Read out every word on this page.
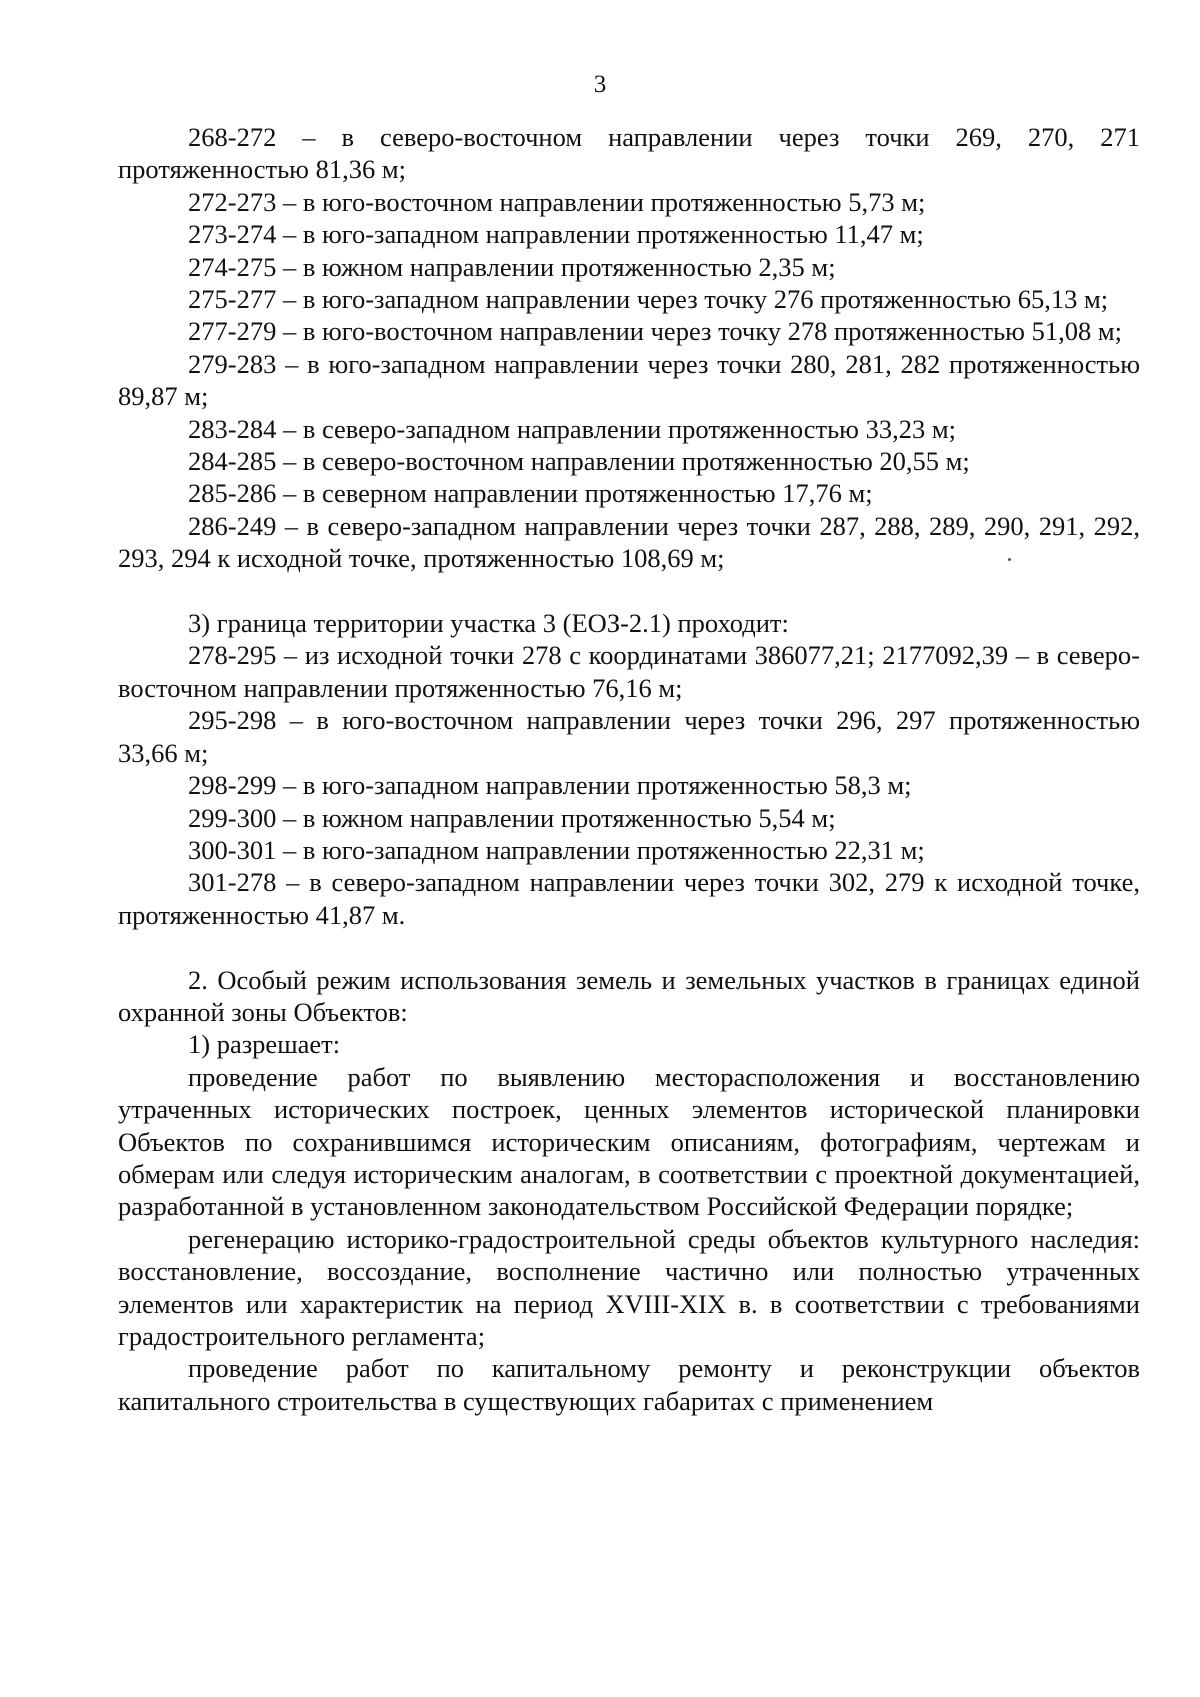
3

268-272 – в северо-восточном направлении через точки 269, 270, 271 протяженностью 81,36 м;

272-273 – в юго-восточном направлении протяженностью 5,73 м;

273-274 – в юго-западном направлении протяженностью 11,47 м;

274-275 – в южном направлении протяженностью 2,35 м;

275-277 – в юго-западном направлении через точку 276 протяженностью 65,13 м;

277-279 – в юго-восточном направлении через точку 278 протяженностью 51,08 м;

279-283 – в юго-западном направлении через точки 280, 281, 282 протяженностью 89,87 м;

283-284 – в северо-западном направлении протяженностью 33,23 м;

284-285 – в северо-восточном направлении протяженностью 20,55 м;

285-286 – в северном направлении протяженностью 17,76 м;

286-249 – в северо-западном направлении через точки 287, 288, 289, 290, 291, 292, 293, 294 к исходной точке, протяженностью 108,69 м;

3) граница территории участка 3 (ЕОЗ-2.1) проходит:

278-295 – из исходной точки 278 с координатами 386077,21; 2177092,39 – в северо-восточном направлении протяженностью 76,16 м;

295-298 – в юго-восточном направлении через точки 296, 297 протяженностью 33,66 м;

298-299 – в юго-западном направлении протяженностью 58,3 м;

299-300 – в южном направлении протяженностью 5,54 м;

300-301 – в юго-западном направлении протяженностью 22,31 м;

301-278 – в северо-западном направлении через точки 302, 279 к исходной точке, протяженностью 41,87 м.

2. Особый режим использования земель и земельных участков в границах единой охранной зоны Объектов:

1) разрешает:

проведение работ по выявлению месторасположения и восстановлению утраченных исторических построек, ценных элементов исторической планировки Объектов по сохранившимся историческим описаниям, фотографиям, чертежам и обмерам или следуя историческим аналогам, в соответствии с проектной документацией, разработанной в установленном законодательством Российской Федерации порядке;

регенерацию историко-градостроительной среды объектов культурного наследия: восстановление, воссоздание, восполнение частично или полностью утраченных элементов или характеристик на период XVIII-XIX в. в соответствии с требованиями градостроительного регламента;

проведение работ по капитальному ремонту и реконструкции объектов капитального строительства в существующих габаритах с применением
